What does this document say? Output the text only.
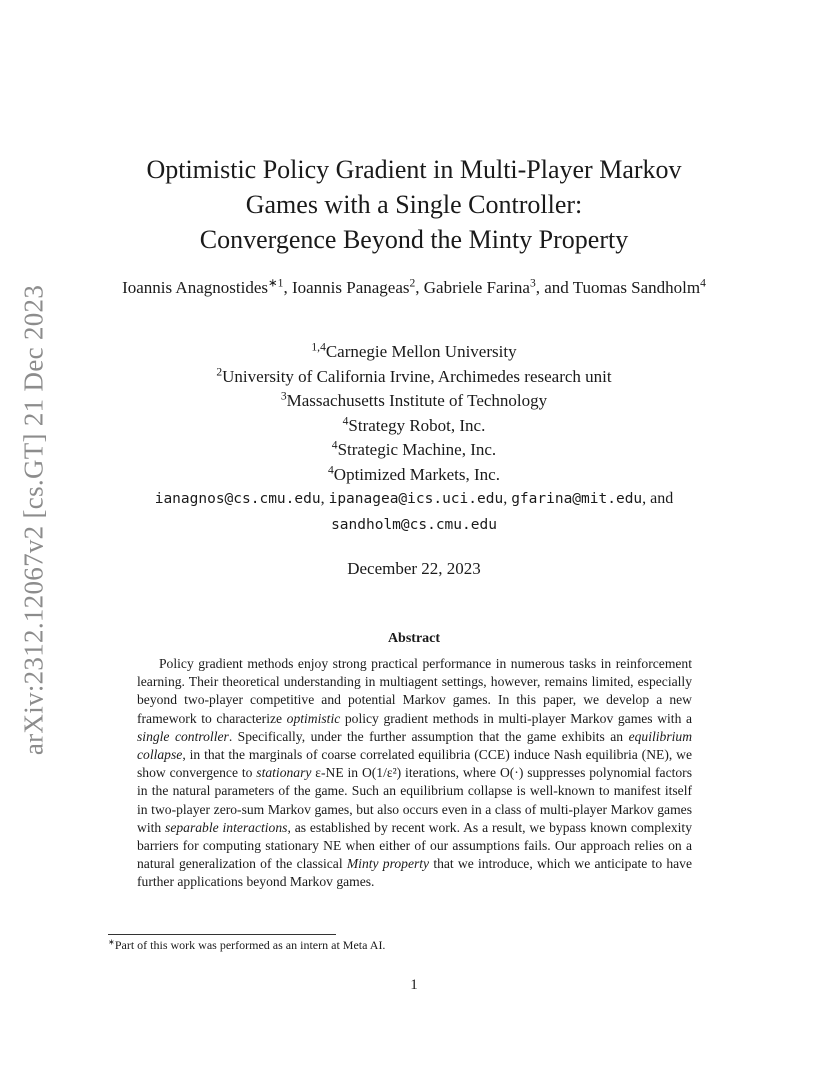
arXiv:2312.12067v2 [cs.GT] 21 Dec 2023
Optimistic Policy Gradient in Multi-Player Markov
Games with a Single Controller:
Convergence Beyond the Minty Property
Ioannis Anagnostides$^{∗1}$, Ioannis Panageas$^2$, Gabriele Farina$^3$, and Tuomas Sandholm$^4$
$^{1,4}$Carnegie Mellon University
$^2$University of California Irvine, Archimedes research unit
$^3$Massachusetts Institute of Technology
$^4$Strategy Robot, Inc.
$^4$Strategic Machine, Inc.
$^4$Optimized Markets, Inc.
ianagnos@cs.cmu.edu, ipanagea@ics.uci.edu, gfarina@mit.edu, and
sandholm@cs.cmu.edu
December 22, 2023
Abstract

Policy gradient methods enjoy strong practical performance in numerous tasks in reinforcement learning. Their theoretical understanding in multiagent settings, however, remains limited, especially beyond two-player competitive and potential Markov games. In this paper, we develop a new framework to characterize optimistic policy gradient methods in multi-player Markov games with a single controller. Specifically, under the further assumption that the game exhibits an equilibrium collapse, in that the marginals of coarse correlated equilibria (CCE) induce Nash equilibria (NE), we show convergence to stationary ε-NE in O(1/ε²) iterations, where O(·) suppresses polynomial factors in the natural parameters of the game. Such an equilibrium collapse is well-known to manifest itself in two-player zero-sum Markov games, but also occurs even in a class of multi-player Markov games with separable interactions, as established by recent work. As a result, we bypass known complexity barriers for computing stationary NE when either of our assumptions fails. Our approach relies on a natural generalization of the classical Minty property that we introduce, which we anticipate to have further applications beyond Markov games.

∗Part of this work was performed as an intern at Meta AI.
1
